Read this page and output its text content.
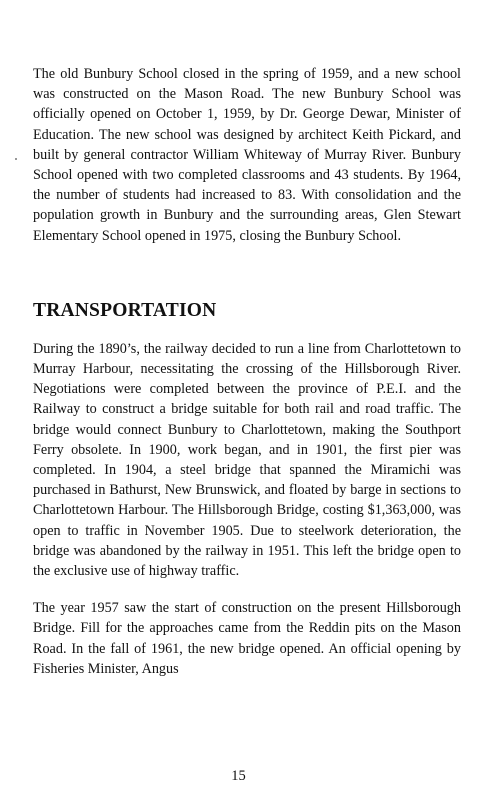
The old Bunbury School closed in the spring of 1959, and a new school was constructed on the Mason Road. The new Bunbury School was officially opened on October 1, 1959, by Dr. George Dewar, Minister of Education. The new school was designed by architect Keith Pickard, and built by general contractor William Whiteway of Murray River. Bunbury School opened with two completed classrooms and 43 students. By 1964, the number of students had increased to 83. With consolidation and the population growth in Bunbury and the surrounding areas, Glen Stewart Elementary School opened in 1975, closing the Bunbury School.

TRANSPORTATION

During the 1890’s, the railway decided to run a line from Charlottetown to Murray Harbour, necessitating the crossing of the Hillsborough River. Negotiations were completed between the province of P.E.I. and the Railway to construct a bridge suitable for both rail and road traffic. The bridge would connect Bunbury to Charlottetown, making the Southport Ferry obsolete. In 1900, work began, and in 1901, the first pier was completed. In 1904, a steel bridge that spanned the Miramichi was purchased in Bathurst, New Brunswick, and floated by barge in sections to Charlottetown Harbour. The Hillsborough Bridge, costing $1,363,000, was open to traffic in November 1905. Due to steelwork deterioration, the bridge was abandoned by the railway in 1951. This left the bridge open to the exclusive use of highway traffic.

The year 1957 saw the start of construction on the present Hillsborough Bridge. Fill for the approaches came from the Reddin pits on the Mason Road. In the fall of 1961, the new bridge opened. An official opening by Fisheries Minister, Angus

15
